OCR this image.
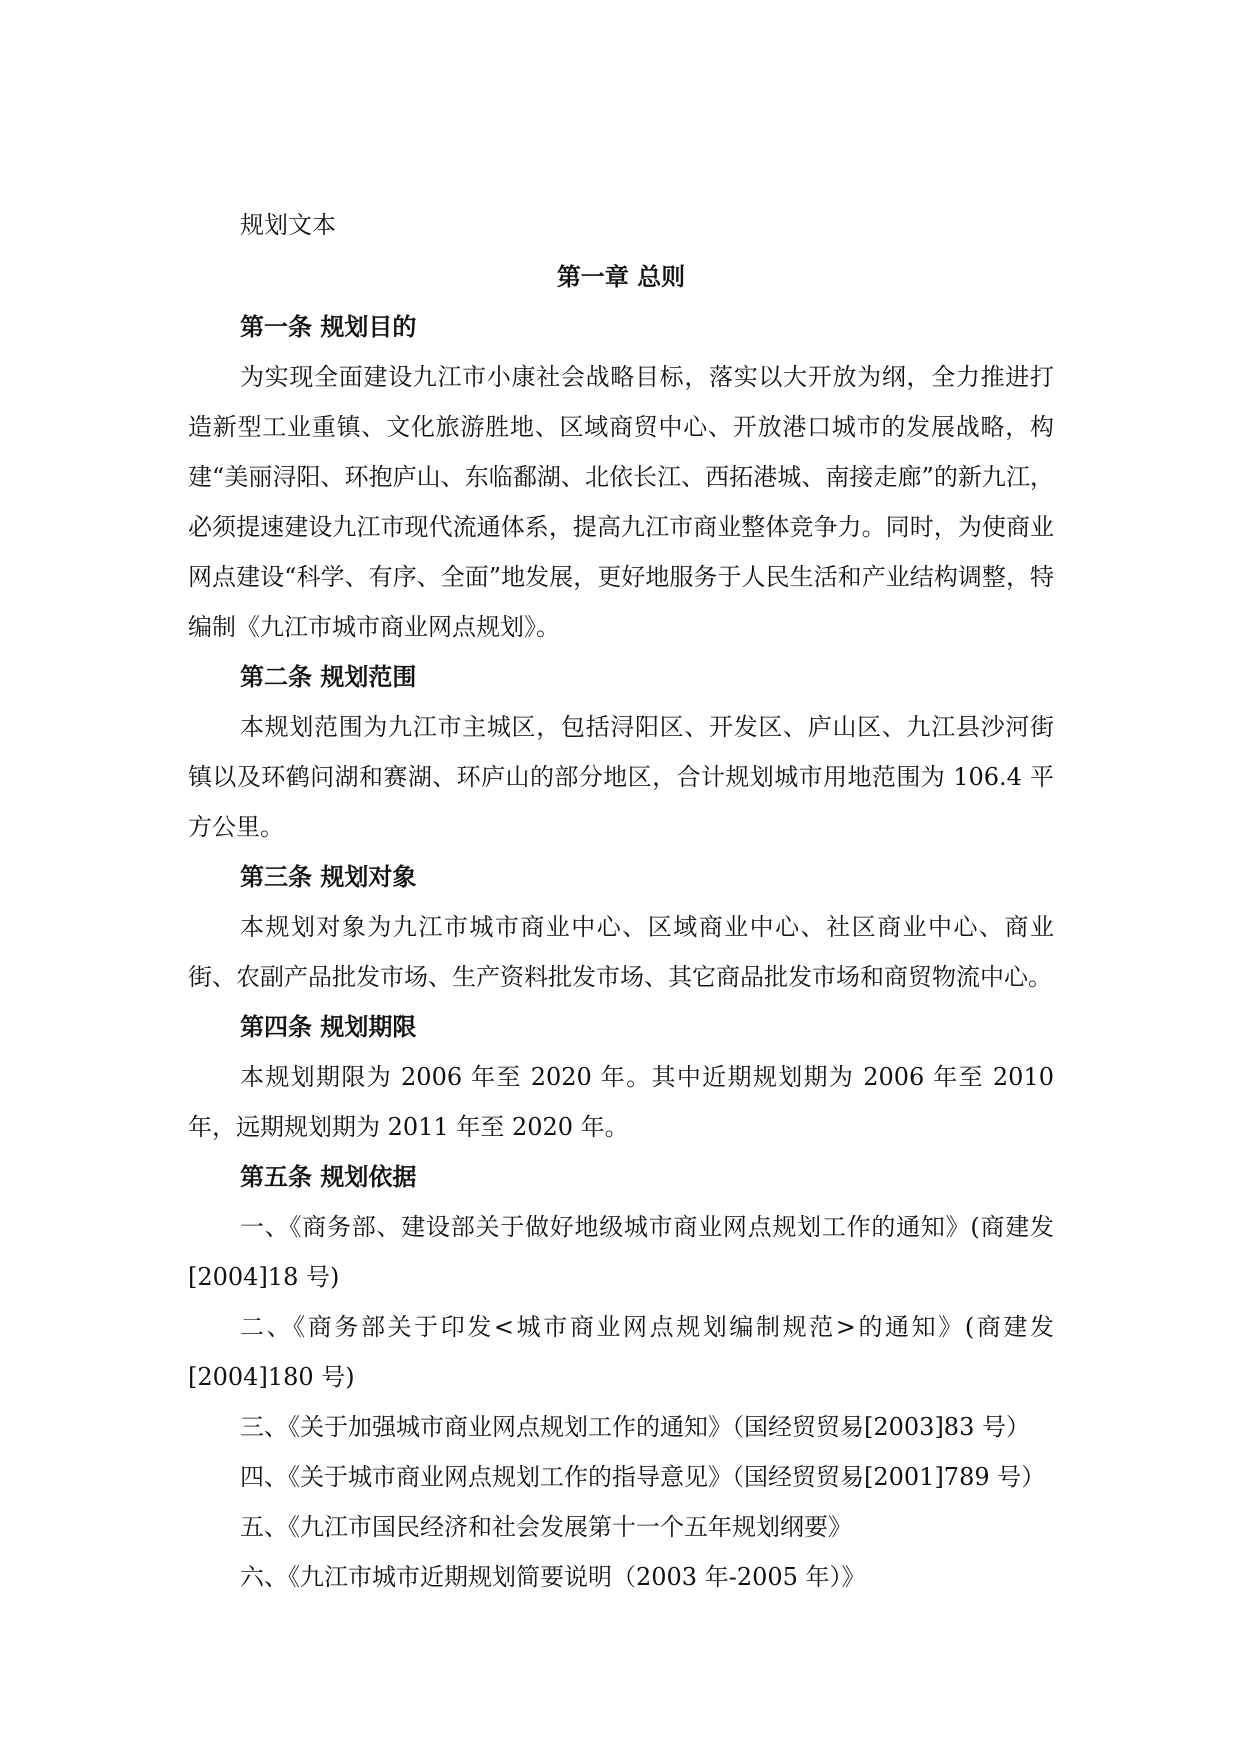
规划文本

第一章 总则
第一条 规划目的

为实现全面建设九江市小康社会战略目标，落实以大开放为纲，全力推进打造新型工业重镇、文化旅游胜地、区域商贸中心、开放港口城市的发展战略，构建“美丽浔阳、环抱庐山、东临鄱湖、北依长江、西拓港城、南接走廊”的新九江，必须提速建设九江市现代流通体系，提高九江市商业整体竞争力。同时，为使商业网点建设“科学、有序、全面”地发展，更好地服务于人民生活和产业结构调整，特编制《九江市城市商业网点规划》。

第二条 规划范围

本规划范围为九江市主城区，包括浔阳区、开发区、庐山区、九江县沙河街镇以及环鹤问湖和赛湖、环庐山的部分地区，合计规划城市用地范围为 106.4 平方公里。

第三条 规划对象

本规划对象为九江市城市商业中心、区域商业中心、社区商业中心、商业街、农副产品批发市场、生产资料批发市场、其它商品批发市场和商贸物流中心。

第四条 规划期限

本规划期限为 2006 年至 2020 年。其中近期规划期为 2006 年至 2010 年，远期规划期为 2011 年至 2020 年。

第五条 规划依据

一、《商务部、建设部关于做好地级城市商业网点规划工作的通知》(商建发[2004]18 号)

二、《商务部关于印发<城市商业网点规划编制规范>的通知》(商建发[2004]180 号)

三、《关于加强城市商业网点规划工作的通知》（国经贸贸易[2003]83 号）

四、《关于城市商业网点规划工作的指导意见》（国经贸贸易[2001]789 号）

五、《九江市国民经济和社会发展第十一个五年规划纲要》

六、《九江市城市近期规划简要说明（2003 年-2005 年）》
